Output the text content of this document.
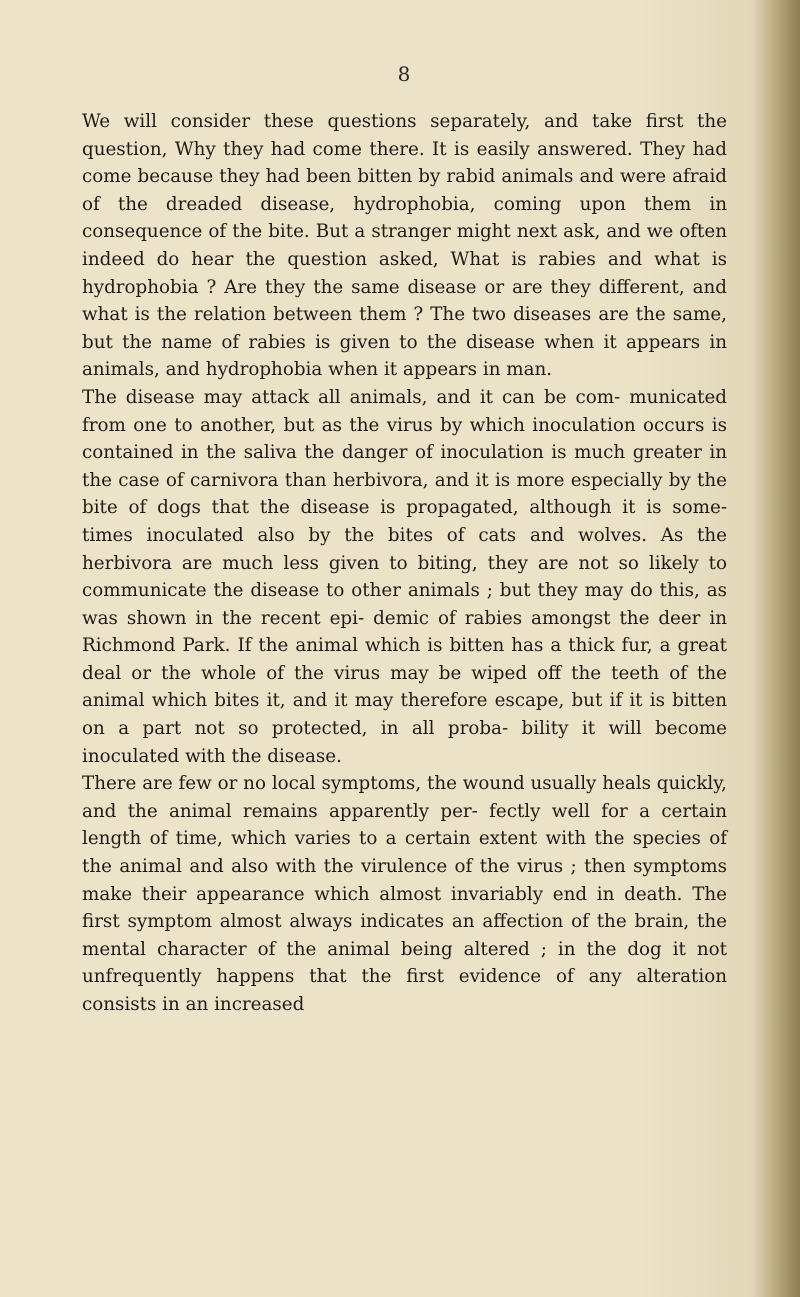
8

We will consider these questions separately, and take first the question, Why they had come there. It is easily answered. They had come because they had been bitten by rabid animals and were afraid of the dreaded disease, hydrophobia, coming upon them in consequence of the bite. But a stranger might next ask, and we often indeed do hear the question asked, What is rabies and what is hydrophobia ? Are they the same disease or are they different, and what is the relation between them ? The two diseases are the same, but the name of rabies is given to the disease when it appears in animals, and hydrophobia when it appears in man.

The disease may attack all animals, and it can be com- municated from one to another, but as the virus by which inoculation occurs is contained in the saliva the danger of inoculation is much greater in the case of carnivora than herbivora, and it is more especially by the bite of dogs that the disease is propagated, although it is some- times inoculated also by the bites of cats and wolves. As the herbivora are much less given to biting, they are not so likely to communicate the disease to other animals ; but they may do this, as was shown in the recent epi- demic of rabies amongst the deer in Richmond Park. If the animal which is bitten has a thick fur, a great deal or the whole of the virus may be wiped off the teeth of the animal which bites it, and it may therefore escape, but if it is bitten on a part not so protected, in all proba- bility it will become inoculated with the disease.

There are few or no local symptoms, the wound usually heals quickly, and the animal remains apparently per- fectly well for a certain length of time, which varies to a certain extent with the species of the animal and also with the virulence of the virus ; then symptoms make their appearance which almost invariably end in death. The first symptom almost always indicates an affection of the brain, the mental character of the animal being altered ; in the dog it not unfrequently happens that the first evidence of any alteration consists in an increased
